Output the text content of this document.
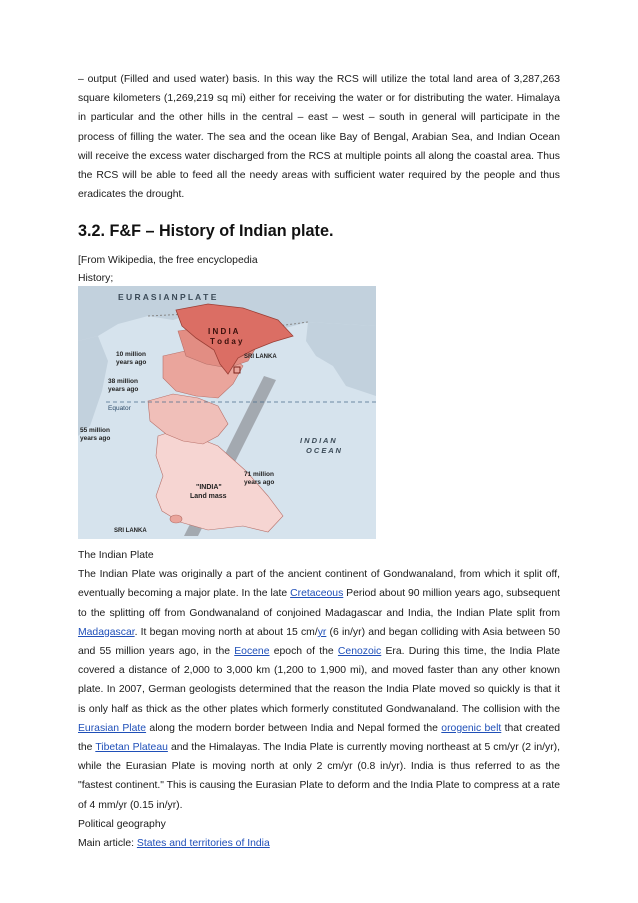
– output (Filled and used water) basis. In this way the RCS will utilize the total land area of 3,287,263 square kilometers (1,269,219 sq mi) either for receiving the water or for distributing the water. Himalaya in particular and the other hills in the central – east – west – south in general will participate in the process of filling the water. The sea and the ocean like Bay of Bengal, Arabian Sea, and Indian Ocean will receive the excess water discharged from the RCS at multiple points all along the coastal area. Thus the RCS will be able to feed all the needy areas with sufficient water required by the people and thus eradicates the drought.

3.2. F&F – History of Indian plate.

[From Wikipedia, the free encyclopedia

History;

E U R A S I A N P L A T E
I N D I A
T o d a y
SRI LANKA
10 million
years ago
38 million
years ago
Equator
55 million
years ago	I N D I A N
O C E A N
71 million
years ago
"INDIA"
Land mass
SRI LANKA
The Indian Plate
The Indian Plate was originally a part of the ancient continent of Gondwanaland, from which it split off, eventually becoming a major plate. In the late Cretaceous Period about 90 million years ago, subsequent to the splitting off from Gondwanaland of conjoined Madagascar and India, the Indian Plate split from Madagascar. It began moving north at about 15 cm/yr (6 in/yr) and began colliding with Asia between 50 and 55 million years ago, in the Eocene epoch of the Cenozoic Era. During this time, the India Plate covered a distance of 2,000 to 3,000 km (1,200 to 1,900 mi), and moved faster than any other known plate. In 2007, German geologists determined that the reason the India Plate moved so quickly is that it is only half as thick as the other plates which formerly constituted Gondwanaland. The collision with the Eurasian Plate along the modern border between India and Nepal formed the orogenic belt that created the Tibetan Plateau and the Himalayas. The India Plate is currently moving northeast at 5 cm/yr (2 in/yr), while the Eurasian Plate is moving north at only 2 cm/yr (0.8 in/yr). India is thus referred to as the "fastest continent." This is causing the Eurasian Plate to deform and the India Plate to compress at a rate of 4 mm/yr (0.15 in/yr).
Political geography
Main article: States and territories of India
